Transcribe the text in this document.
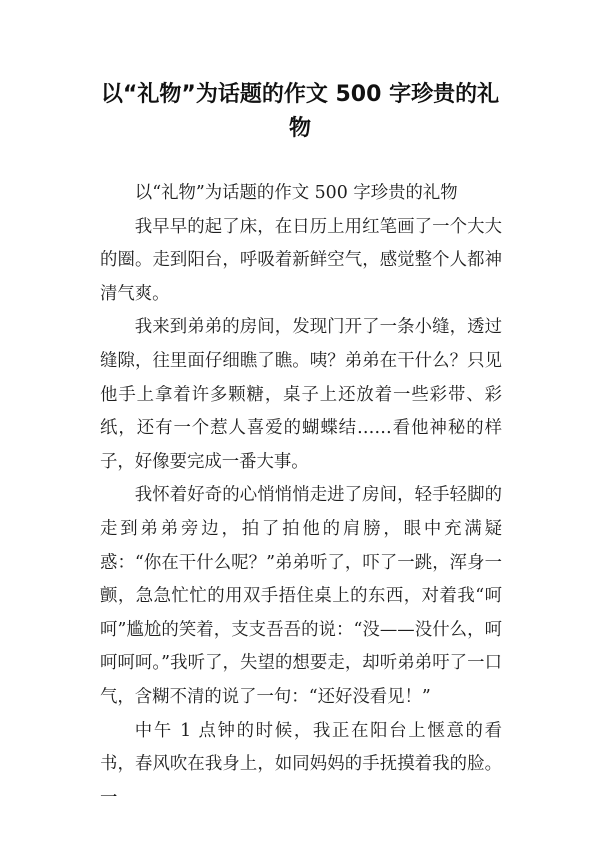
以“礼物”为话题的作文 500 字珍贵的礼物

以“礼物”为话题的作文 500 字珍贵的礼物

我早早的起了床，在日历上用红笔画了一个大大的圈。走到阳台，呼吸着新鲜空气，感觉整个人都神清气爽。

我来到弟弟的房间，发现门开了一条小缝，透过缝隙，往里面仔细瞧了瞧。咦？弟弟在干什么？只见他手上拿着许多颗糖，桌子上还放着一些彩带、彩纸，还有一个惹人喜爱的蝴蝶结……看他神秘的样子，好像要完成一番大事。

我怀着好奇的心悄悄悄走进了房间，轻手轻脚的走到弟弟旁边，拍了拍他的肩膀，眼中充满疑惑：“你在干什么呢？”弟弟听了，吓了一跳，浑身一颤，急急忙忙的用双手捂住桌上的东西，对着我“呵呵”尴尬的笑着，支支吾吾的说：“没——没什么，呵呵呵呵。”我听了，失望的想要走，却听弟弟吁了一口气，含糊不清的说了一句：“还好没看见！”

中午 1 点钟的时候，我正在阳台上惬意的看书，春风吹在我身上，如同妈妈的手抚摸着我的脸。一
